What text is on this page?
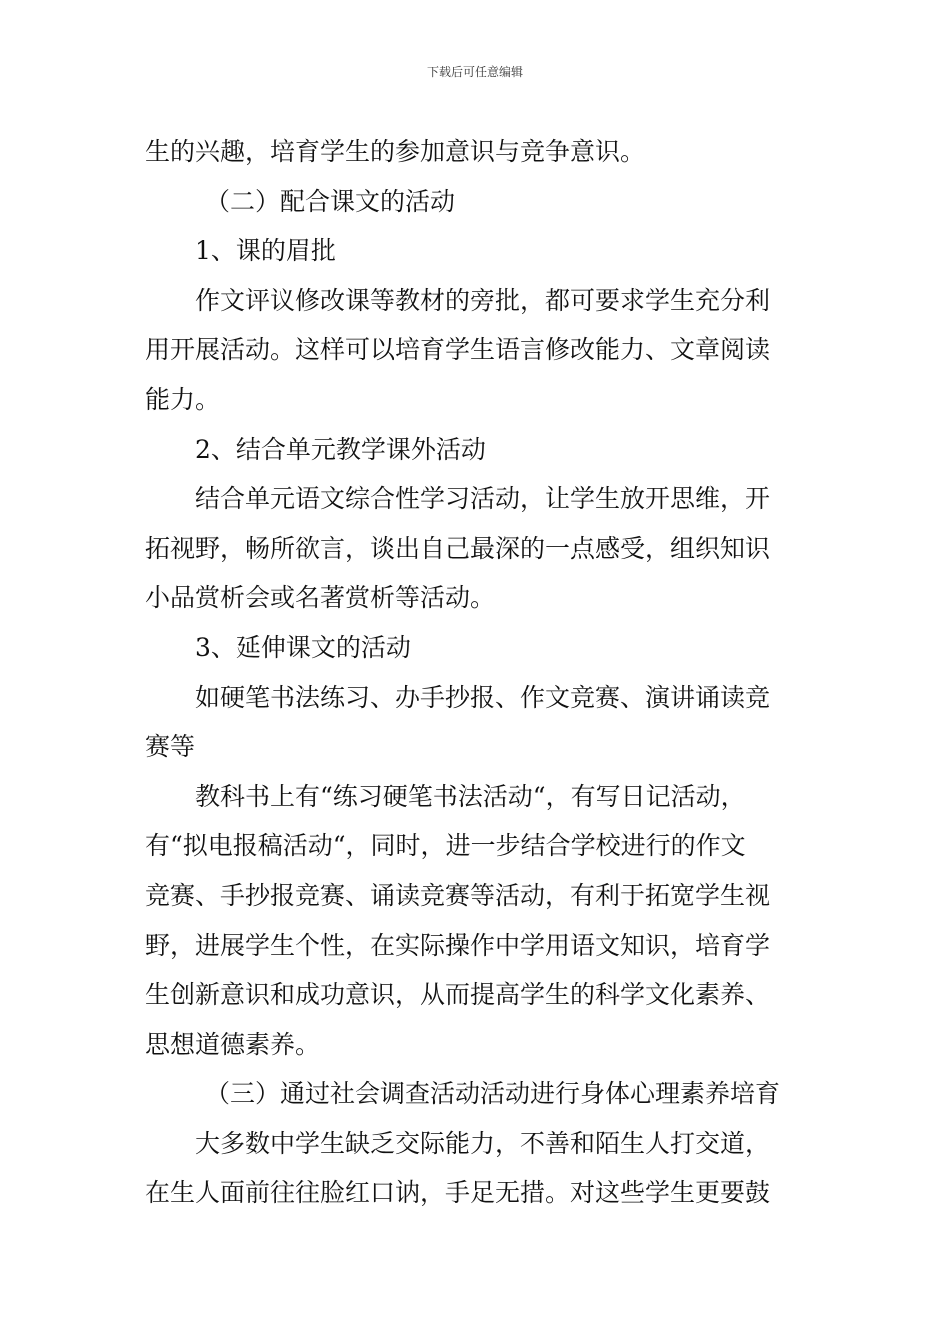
下载后可任意编辑
生的兴趣，培育学生的参加意识与竞争意识。
（二）配合课文的活动
1、课的眉批
作文评议修改课等教材的旁批，都可要求学生充分利
用开展活动。这样可以培育学生语言修改能力、文章阅读
能力。
2、结合单元教学课外活动
结合单元语文综合性学习活动，让学生放开思维，开
拓视野，畅所欲言，谈出自己最深的一点感受，组织知识
小品赏析会或名著赏析等活动。
3、延伸课文的活动
如硬笔书法练习、办手抄报、作文竞赛、演讲诵读竞
赛等
教科书上有“练习硬笔书法活动“，有写日记活动，
有“拟电报稿活动“，同时，进一步结合学校进行的作文
竞赛、手抄报竞赛、诵读竞赛等活动，有利于拓宽学生视
野，进展学生个性，在实际操作中学用语文知识，培育学
生创新意识和成功意识，从而提高学生的科学文化素养、
思想道德素养。
（三）通过社会调查活动活动进行身体心理素养培育
大多数中学生缺乏交际能力，不善和陌生人打交道，
在生人面前往往脸红口讷，手足无措。对这些学生更要鼓
